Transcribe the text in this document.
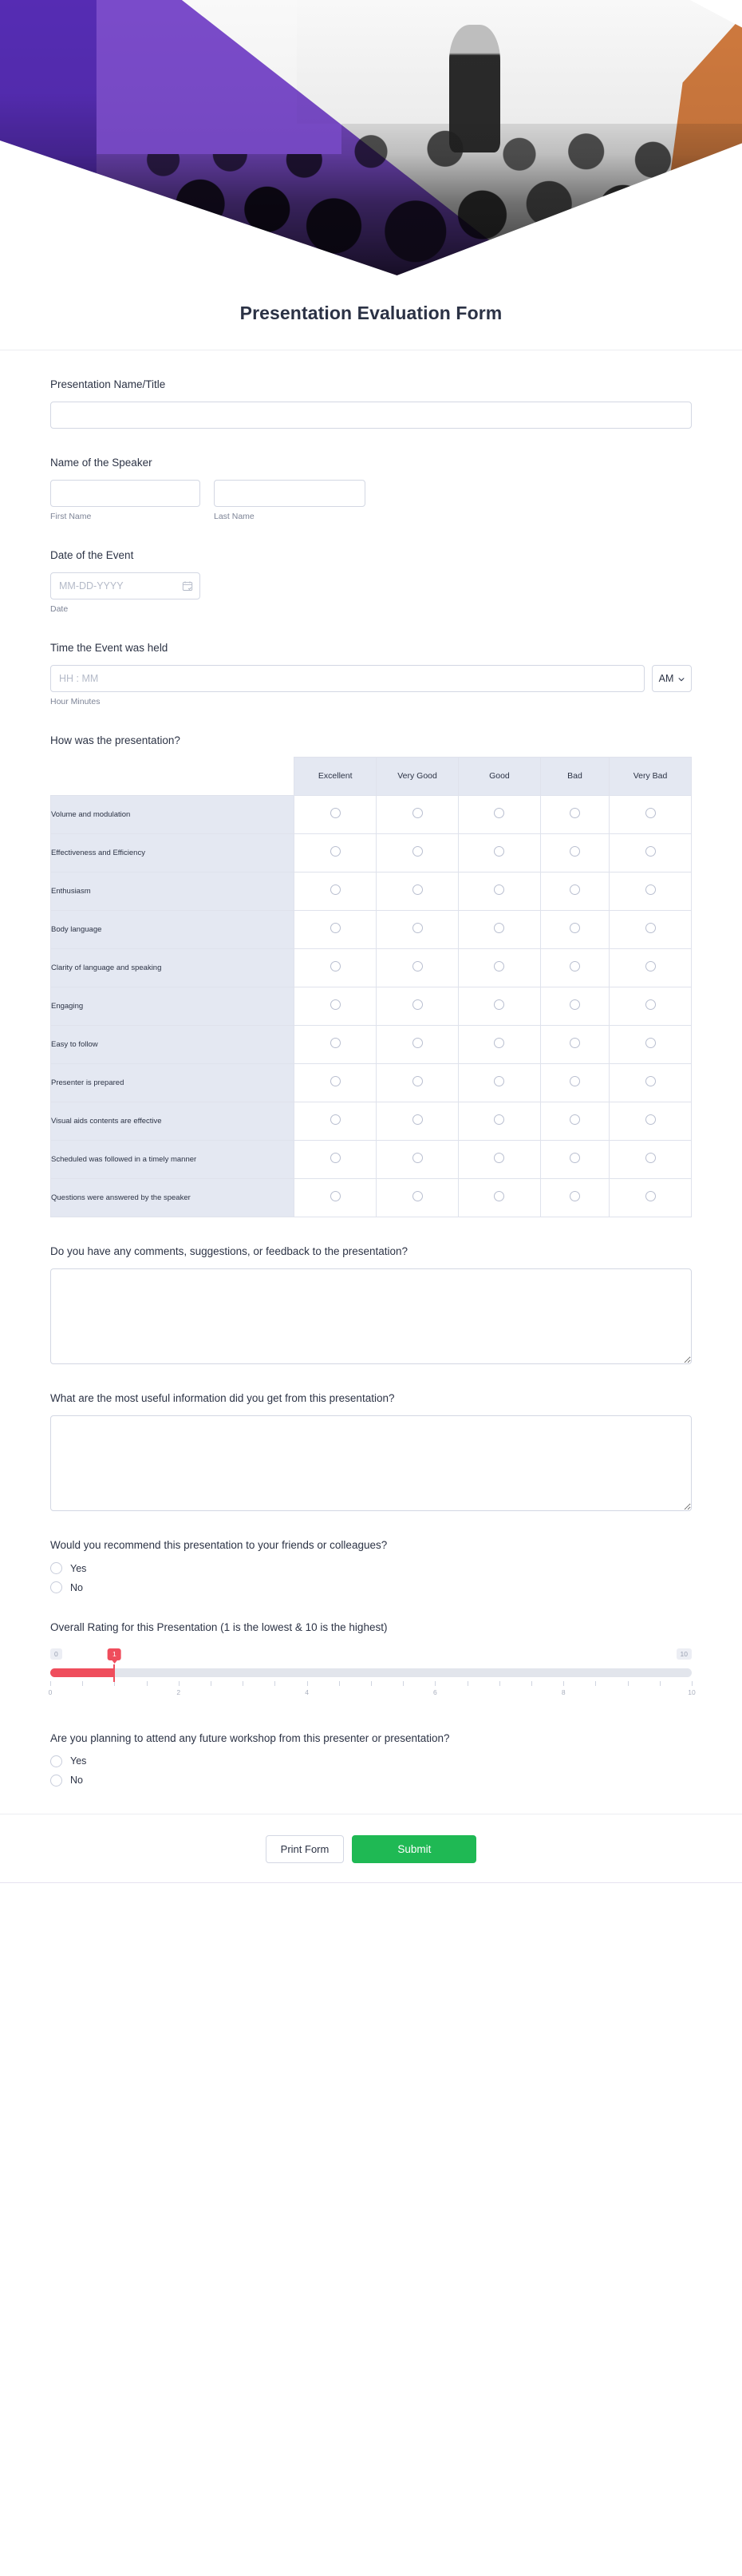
Presentation Evaluation Form
Presentation Name/Title
Name of the Speaker
First Name	Last Name
Date of the Event
MM-DD-YYYY
Date
Time the Event was held
HH : MM
AM
Hour Minutes
How was the presentation?
	Excellent	Very Good	Good	Bad	Very Bad
Volume and modulation					
Effectiveness and Efficiency					
Enthusiasm					
Body language					
Clarity of language and speaking					
Engaging					
Easy to follow					
Presenter is prepared					
Visual aids contents are effective					
Scheduled was followed in a timely manner					
Questions were answered by the speaker					
Do you have any comments, suggestions, or feedback to the presentation?
What are the most useful information did you get from this presentation?
Would you recommend this presentation to your friends or colleagues?
Yes
No
Overall Rating for this Presentation (1 is the lowest & 10 is the highest)
0	10
1
0	2	4	6	8	10
Are you planning to attend any future workshop from this presenter or presentation?
Yes
No
Print Form	Submit
